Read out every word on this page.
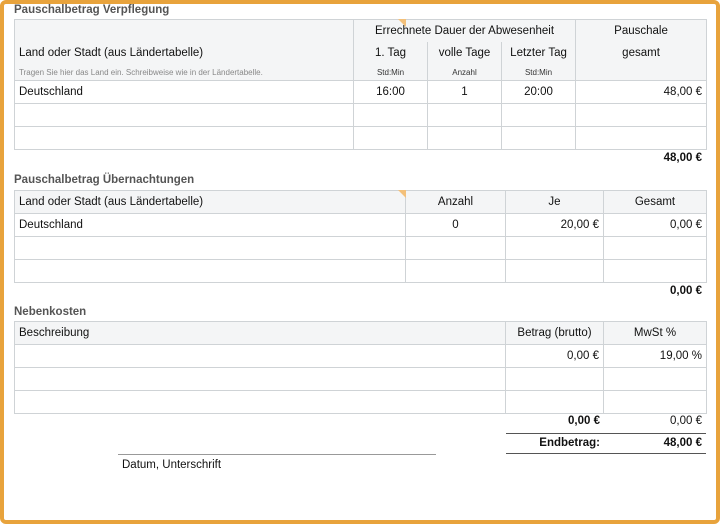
Pauschalbetrag Verpflegung
	Errechnete Dauer der Abwesenheit			Pauschale
Land oder Stadt (aus Ländertabelle)	1. Tag	volle Tage	Letzter Tag	gesamt
Tragen Sie hier das Land ein. Schreibweise wie in der Ländertabelle.	Std:Min	Anzahl	Std:Min	
Deutschland	16:00	1	20:00	48,00 €

48,00 €
Pauschalbetrag Übernachtungen
Land oder Stadt (aus Ländertabelle)	Anzahl	Je	Gesamt
Deutschland	0	20,00 €	0,00 €

0,00 €
Nebenkosten
Beschreibung	Betrag (brutto)	MwSt %
	0,00 €	19,00 %

0,00 €	0,00 €
Endbetrag:	48,00 €
Datum, Unterschrift
